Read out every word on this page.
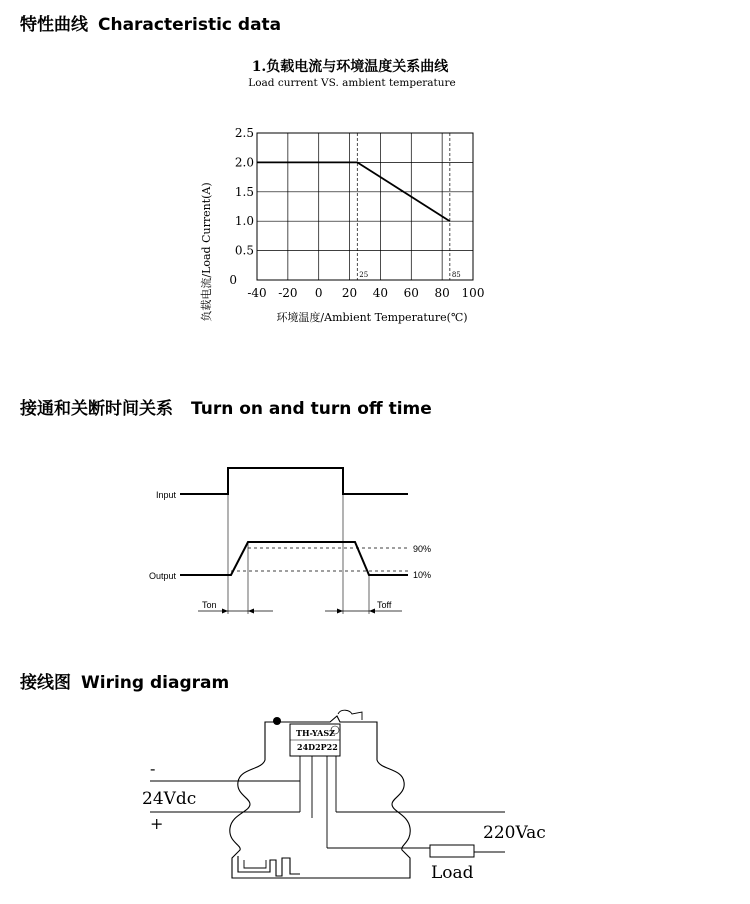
特性曲线 Characteristic data
1.负载电流与环境温度关系曲线
Load current VS. ambient temperature
25	85
-40 -20 0 20 40 60 80 100
0
0.5
1.0
1.5
2.0
2.5
环境温度/Ambient Temperature(℃)
负载电流/Load Current(A)
接通和关断时间关系 Turn on and turn off time
Input
Output
90%
10%
Ton	Toff
接线图 Wiring diagram
TH-YASZ
24D2P22
-
24Vdc
+	220Vac
Load
